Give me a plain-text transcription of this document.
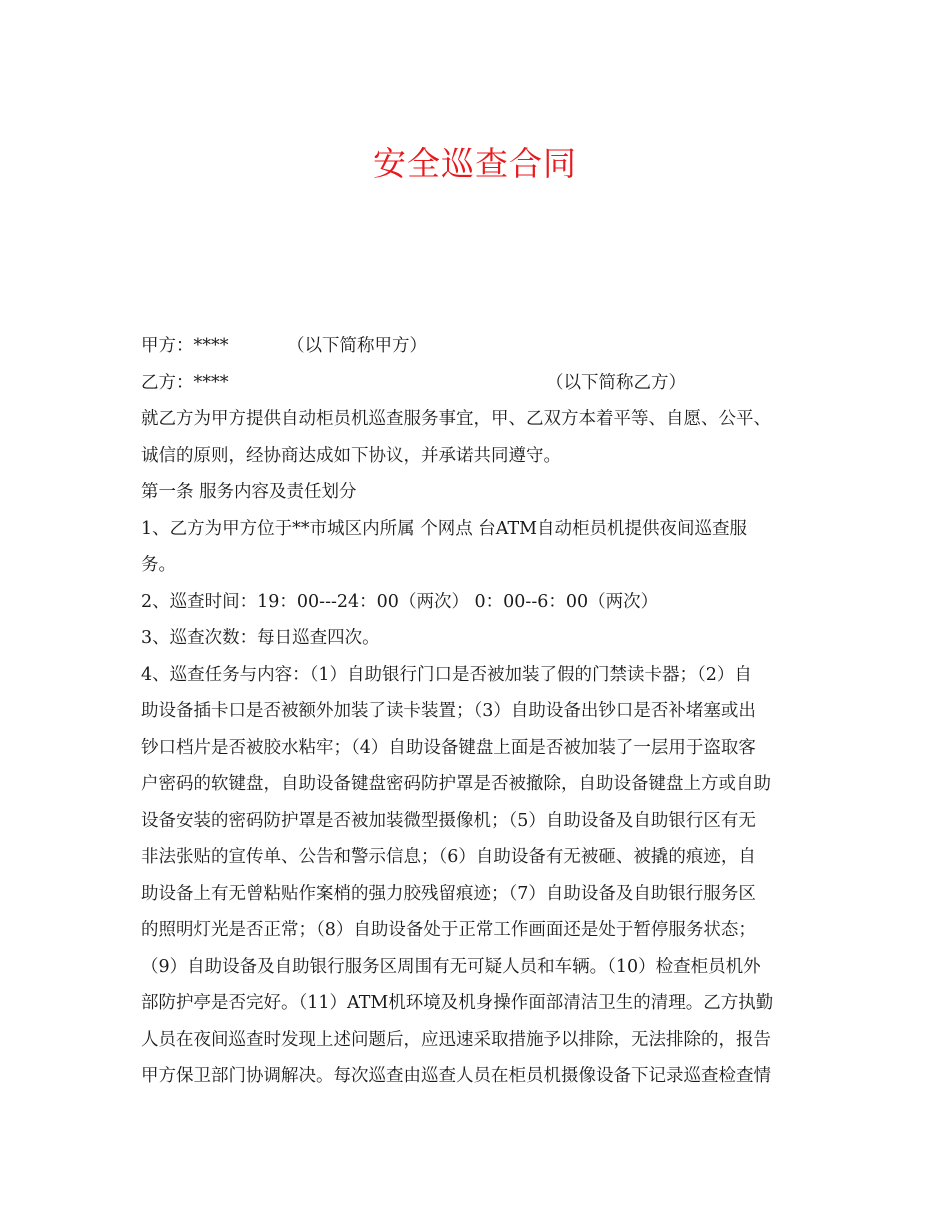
安全巡查合同
甲方：****	（以下简称甲方）
乙方：****	（以下简称乙方）
就乙方为甲方提供自动柜员机巡查服务事宜，甲、乙双方本着平等、自愿、公平、
诚信的原则，经协商达成如下协议，并承诺共同遵守。
第一条 服务内容及责任划分
1、乙方为甲方位于**市城区内所属 个网点 台ATM自动柜员机提供夜间巡查服
务。
2、巡查时间：19：00---24：00（两次） 0：00--6：00（两次）
3、巡查次数：每日巡查四次。
4、巡查任务与内容：（1）自助银行门口是否被加装了假的门禁读卡器；（2）自
助设备插卡口是否被额外加装了读卡装置；（3）自助设备出钞口是否补堵塞或出
钞口档片是否被胶水粘牢；（4）自助设备键盘上面是否被加装了一层用于盗取客
户密码的软键盘，自助设备键盘密码防护罩是否被撤除，自助设备键盘上方或自助
设备安装的密码防护罩是否被加装微型摄像机；（5）自助设备及自助银行区有无
非法张贴的宣传单、公告和警示信息；（6）自助设备有无被砸、被撬的痕迹，自
助设备上有无曾粘贴作案梢的强力胶残留痕迹；（7）自助设备及自助银行服务区
的照明灯光是否正常；（8）自助设备处于正常工作画面还是处于暂停服务状态；
（9）自助设备及自助银行服务区周围有无可疑人员和车辆。（10）检查柜员机外
部防护亭是否完好。（11）ATM机环境及机身操作面部清洁卫生的清理。乙方执勤
人员在夜间巡查时发现上述问题后，应迅速采取措施予以排除，无法排除的，报告
甲方保卫部门协调解决。每次巡查由巡查人员在柜员机摄像设备下记录巡查检查情
